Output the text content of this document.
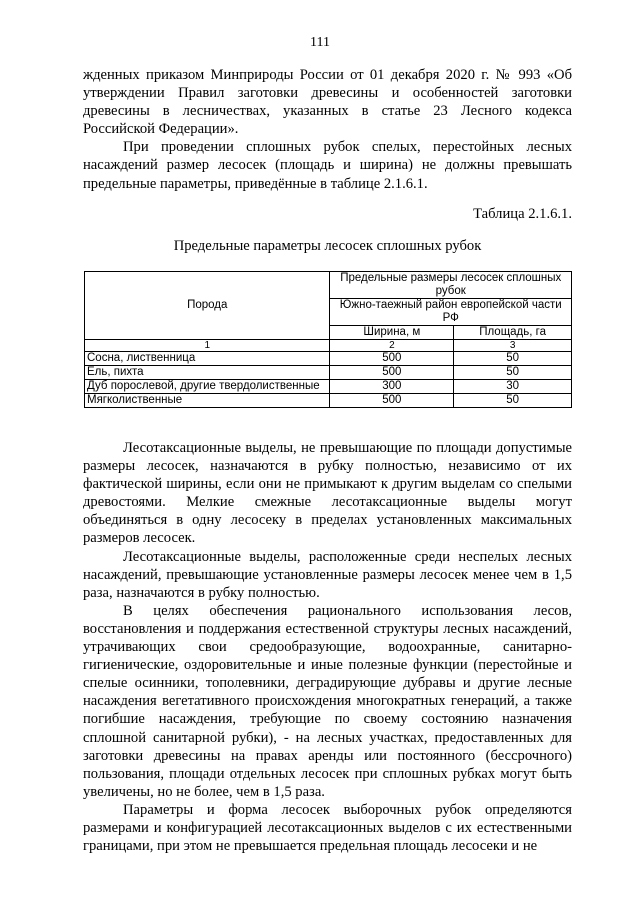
111

жденных приказом Минприроды России от 01 декабря 2020 г. № 993 «Об утверждении Правил заготовки древесины и особенностей заготовки древесины в лесничествах, указанных в статье 23 Лесного кодекса Российской Федерации».

При проведении сплошных рубок спелых, перестойных лесных насаждений размер лесосек (площадь и ширина) не должны превышать предельные параметры, приведённые в таблице 2.1.6.1.

Таблица 2.1.6.1.
Предельные параметры лесосек сплошных рубок
Порода	Предельные размеры лесосек сплошных рубок	
	Южно-таежный район европейской части РФ	
	Ширина, м	Площадь, га
1	2	3
Сосна, лиственница	500	50
Ель, пихта	500	50
Дуб порослевой, другие твердолиственные	300	30
Мягколиственные	500	50

Лесотаксационные выделы, не превышающие по площади допустимые размеры лесосек, назначаются в рубку полностью, независимо от их фактической ширины, если они не примыкают к другим выделам со спелыми древостоями. Мелкие смежные лесотаксационные выделы могут объединяться в одну лесосеку в пределах установленных максимальных размеров лесосек.

Лесотаксационные выделы, расположенные среди неспелых лесных насаждений, превышающие установленные размеры лесосек менее чем в 1,5 раза, назначаются в рубку полностью.

В целях обеспечения рационального использования лесов, восстановления и поддержания естественной структуры лесных насаждений, утрачивающих свои средообразующие, водоохранные, санитарно-гигиенические, оздоровительные и иные полезные функции (перестойные и спелые осинники, тополевники, деградирующие дубравы и другие лесные насаждения вегетативного происхождения многократных генераций, а также погибшие насаждения, требующие по своему состоянию назначения сплошной санитарной рубки), - на лесных участках, предоставленных для заготовки древесины на правах аренды или постоянного (бессрочного) пользования, площади отдельных лесосек при сплошных рубках могут быть увеличены, но не более, чем в 1,5 раза.

Параметры и форма лесосек выборочных рубок определяются размерами и конфигурацией лесотаксационных выделов с их естественными границами, при этом не превышается предельная площадь лесосеки и не
